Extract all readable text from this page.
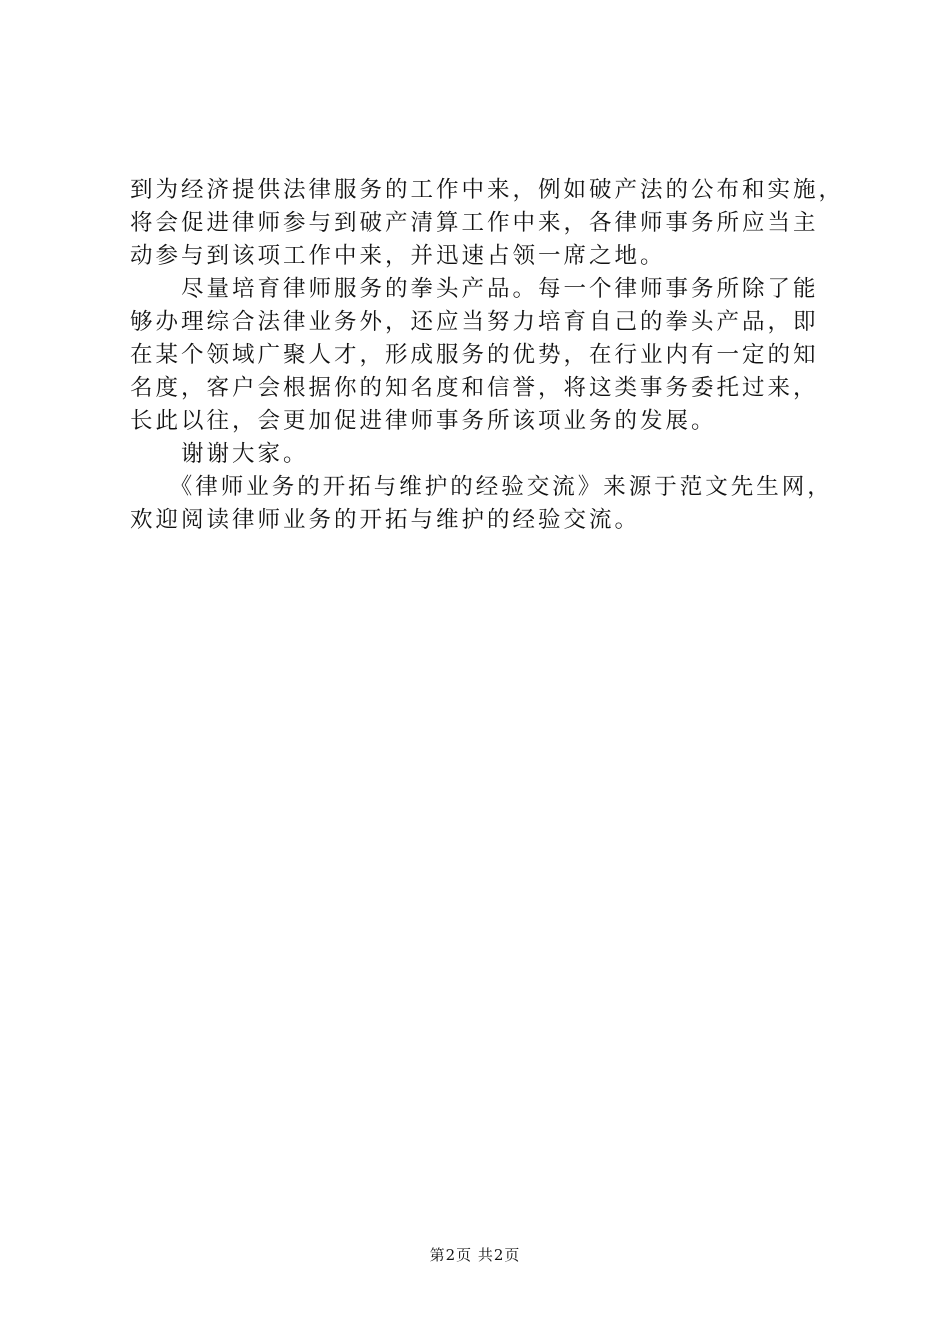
到为经济提供法律服务的工作中来，例如破产法的公布和实施，
将会促进律师参与到破产清算工作中来，各律师事务所应当主
动参与到该项工作中来，并迅速占领一席之地。
　　尽量培育律师服务的拳头产品。每一个律师事务所除了能
够办理综合法律业务外，还应当努力培育自己的拳头产品，即
在某个领域广聚人才，形成服务的优势，在行业内有一定的知
名度，客户会根据你的知名度和信誉，将这类事务委托过来，
长此以往，会更加促进律师事务所该项业务的发展。
　　谢谢大家。
　　《律师业务的开拓与维护的经验交流》来源于范文先生网，
欢迎阅读律师业务的开拓与维护的经验交流。
第2页 共2页
